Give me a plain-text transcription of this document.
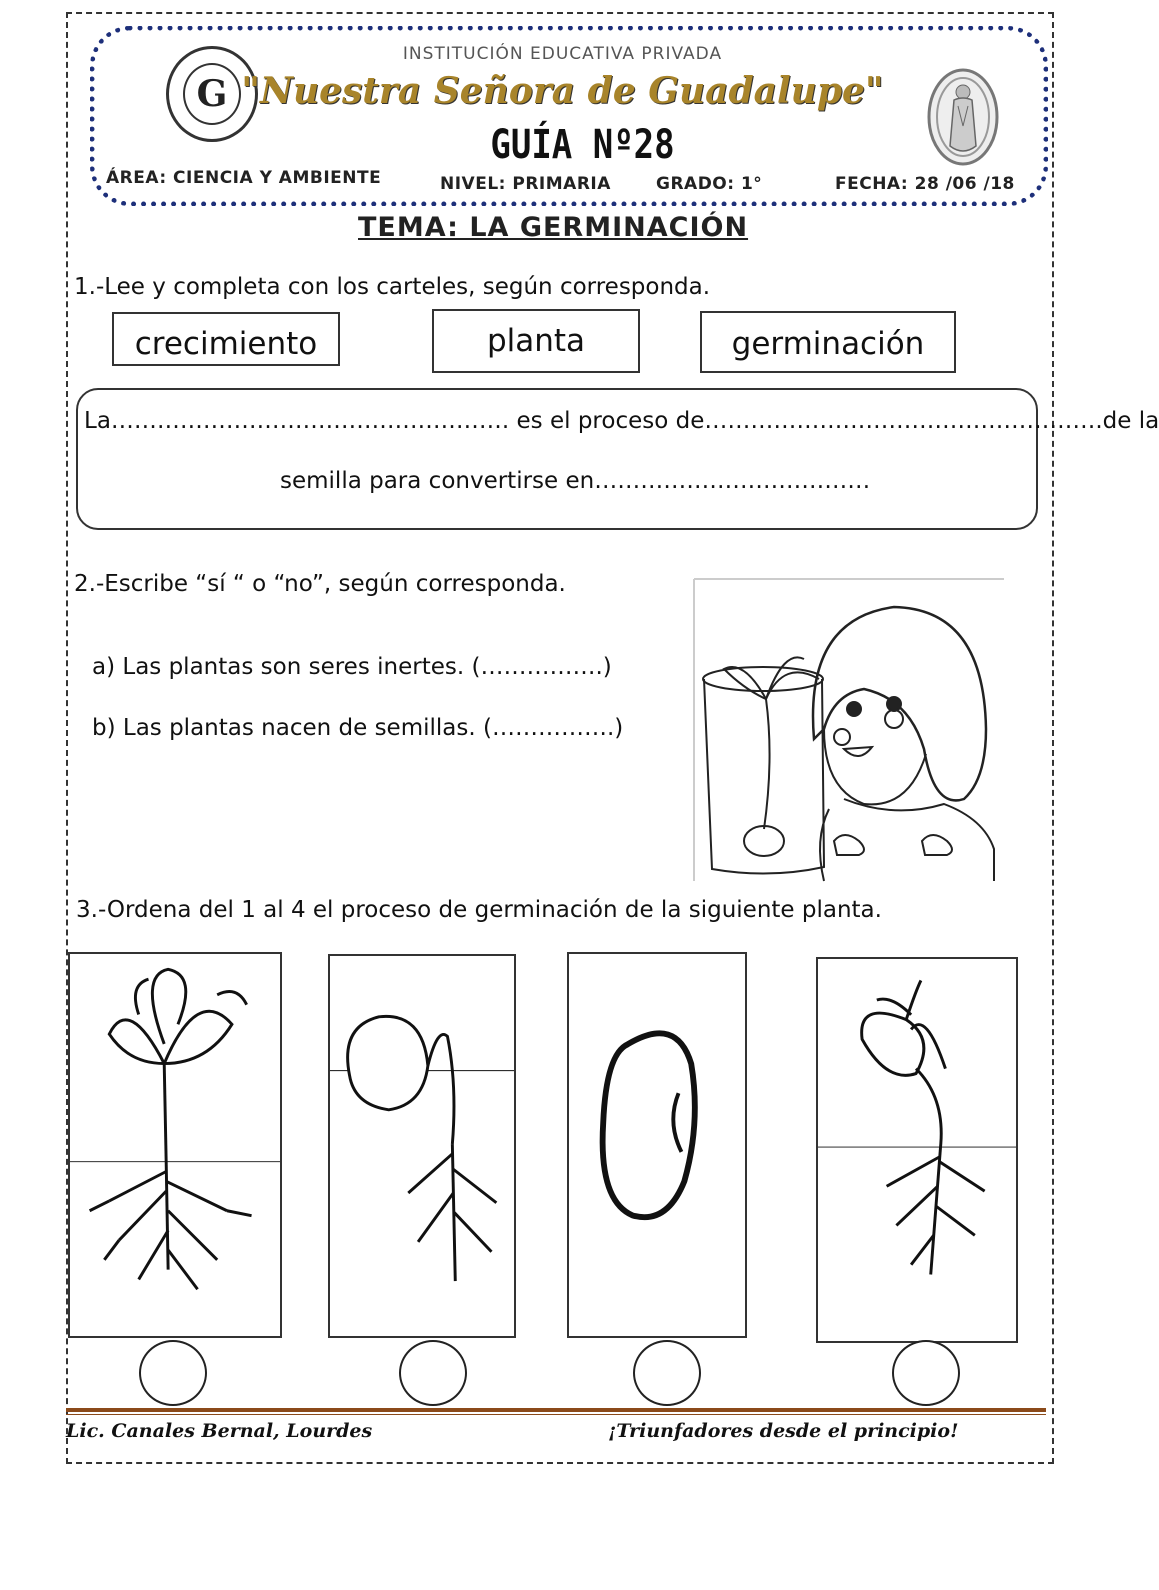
G
INSTITUCIÓN EDUCATIVA PRIVADA
"Nuestra Señora de Guadalupe"
GUÍA Nº28
ÁREA: CIENCIA Y AMBIENTE	NIVEL: PRIMARIA	GRADO: 1°	FECHA: 28 /06 /18
TEMA: LA GERMINACIÓN
1.-Lee y completa con los carteles, según corresponda.
crecimiento	planta	germinación
La……………………………………………. es el proceso de…………………………………………….de la
semilla para convertirse en………………………………
2.-Escribe “sí “ o “no”, según corresponda.
a) Las plantas son seres inertes. (…………….)
b) Las plantas nacen de semillas. (…………….)
3.-Ordena del 1 al 4 el proceso de germinación de la siguiente planta.
Lic. Canales Bernal, Lourdes	¡Triunfadores desde el principio!
